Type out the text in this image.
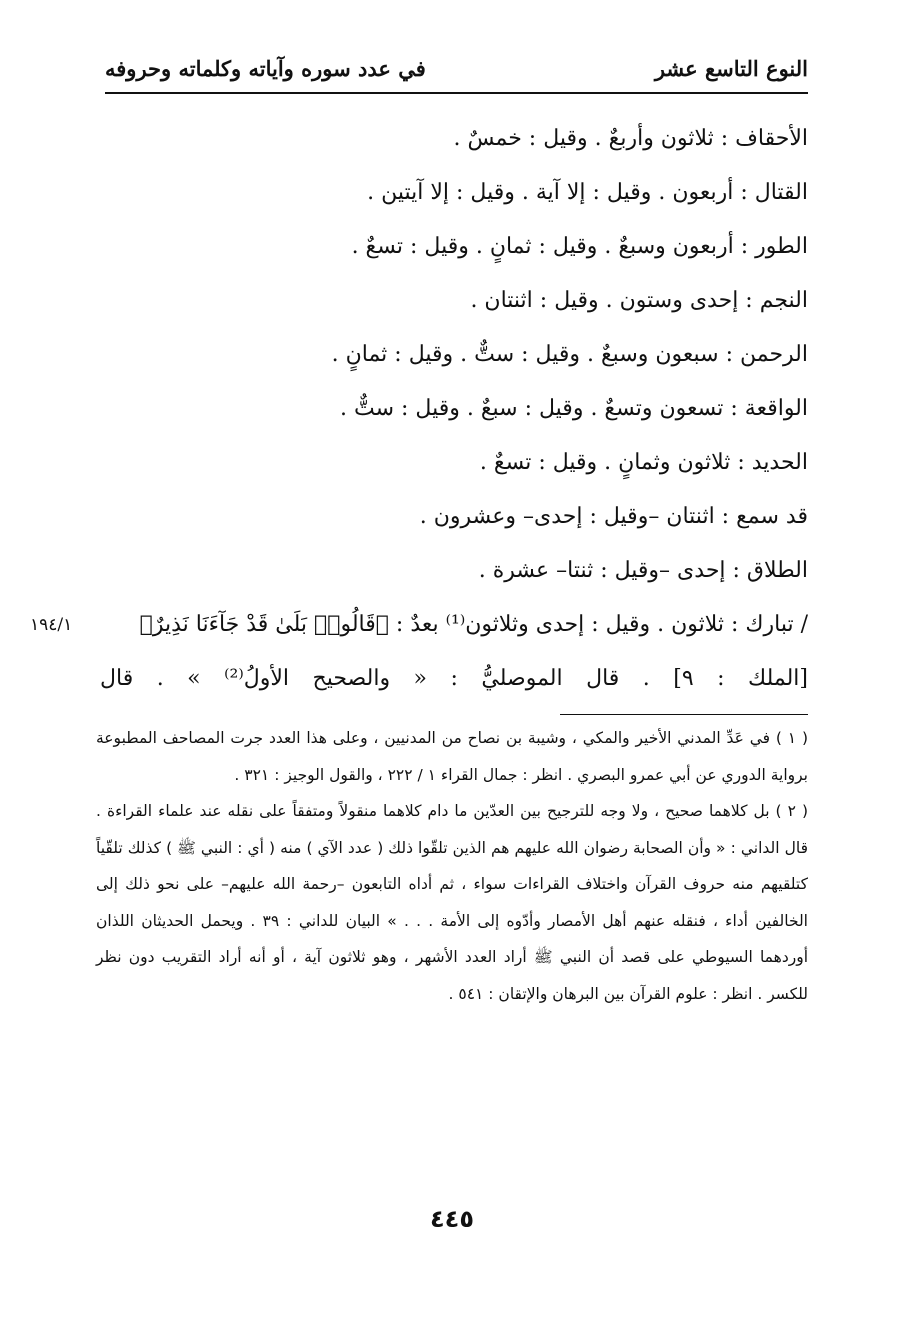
النوع التاسع عشر
في عدد سوره وآياته وكلماته وحروفه
الأحقاف : ثلاثون وأربعٌ . وقيل : خمسٌ .
القتال : أربعون . وقيل : إلا آية . وقيل : إلا آيتين .
الطور : أربعون وسبعٌ . وقيل : ثمانٍ . وقيل : تسعٌ .
النجم : إحدى وستون . وقيل : اثنتان .
الرحمن : سبعون وسبعٌ . وقيل : ستٌّ . وقيل : ثمانٍ .
الواقعة : تسعون وتسعٌ . وقيل : سبعٌ . وقيل : ستٌّ .
الحديد : ثلاثون وثمانٍ . وقيل : تسعٌ .
قد سمع : اثنتان –وقيل : إحدى– وعشرون .
الطلاق : إحدى –وقيل : ثنتا– عشرة .
/ تبارك : ثلاثون . وقيل : إحدى وثلاثون⁽¹⁾ بعدٌ : ﴿قَالُوا۟ بَلَىٰ قَدْ جَآءَنَا نَذِيرٌ﴾
١٩٤/١
[الملك : ٩] . قال الموصليُّ : « والصحيح الأولُ⁽²⁾ » . قال
( ١ ) في عَدِّ المدني الأخير والمكي ، وشيبة بن نصاح من المدنيين ، وعلى هذا العدد جرت المصاحف المطبوعة برواية الدوري عن أبي عمرو البصري . انظر : جمال القراء ١ / ٢٢٢ ، والقول الوجيز : ٣٢١ .
( ٢ ) بل كلاهما صحيح ، ولا وجه للترجيح بين العدّين ما دام كلاهما منقولاً ومتفقاً على نقله عند علماء القراءة . قال الداني : « وأن الصحابة رضوان الله عليهم هم الذين تلقّوا ذلك ( عدد الآي ) منه ( أي : النبي ﷺ ) كذلك تلقّياً كتلقيهم منه حروف القرآن واختلاف القراءات سواء ، ثم أداه التابعون –رحمة الله عليهم– على نحو ذلك إلى الخالفين أداء ، فنقله عنهم أهل الأمصار وأدّوه إلى الأمة . . . » البيان للداني : ٣٩ . ويحمل الحديثان اللذان أوردهما السيوطي على قصد أن النبي ﷺ أراد العدد الأشهر ، وهو ثلاثون آية ، أو أنه أراد التقريب دون نظر للكسر . انظر : علوم القرآن بين البرهان والإتقان : ٥٤١ .
٤٤٥
